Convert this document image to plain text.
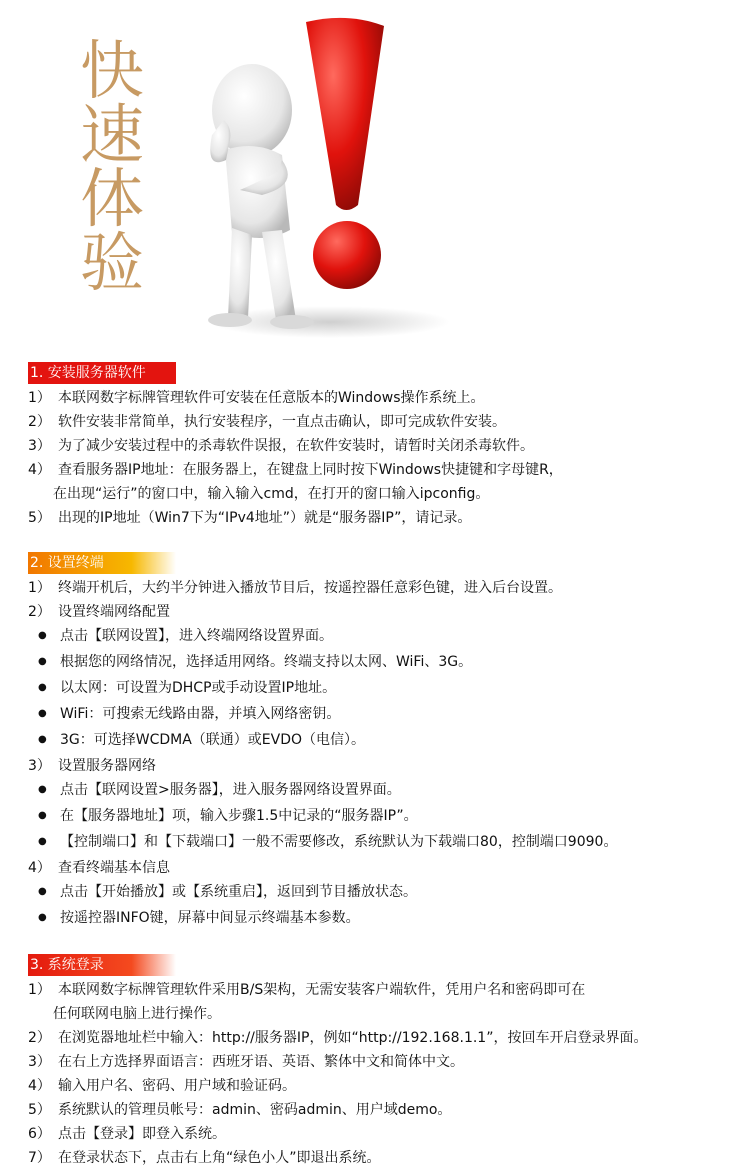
快
速
体
验
1. 安装服务器软件
1） 本联网数字标牌管理软件可安装在任意版本的Windows操作系统上。
2） 软件安装非常简单，执行安装程序，一直点击确认，即可完成软件安装。
3） 为了减少安装过程中的杀毒软件误报，在软件安装时，请暂时关闭杀毒软件。
4） 查看服务器IP地址：在服务器上，在键盘上同时按下Windows快捷键和字母键R，
在出现“运行”的窗口中，输入输入cmd，在打开的窗口输入ipconfig。
5） 出现的IP地址（Win7下为“IPv4地址”）就是“服务器IP”，请记录。
2. 设置终端
1） 终端开机后，大约半分钟进入播放节目后，按遥控器任意彩色键，进入后台设置。
2） 设置终端网络配置
● 点击【联网设置】，进入终端网络设置界面。
● 根据您的网络情况，选择适用网络。终端支持以太网、WiFi、3G。
● 以太网：可设置为DHCP或手动设置IP地址。
● WiFi：可搜索无线路由器，并填入网络密钥。
● 3G：可选择WCDMA（联通）或EVDO（电信）。
3） 设置服务器网络
● 点击【联网设置>服务器】，进入服务器网络设置界面。
● 在【服务器地址】项，输入步骤1.5中记录的“服务器IP”。
● 【控制端口】和【下载端口】一般不需要修改，系统默认为下载端口80，控制端口9090。
4） 查看终端基本信息
● 点击【开始播放】或【系统重启】，返回到节目播放状态。
● 按遥控器INFO键，屏幕中间显示终端基本参数。
3. 系统登录
1） 本联网数字标牌管理软件采用B/S架构，无需安装客户端软件，凭用户名和密码即可在
任何联网电脑上进行操作。
2） 在浏览器地址栏中输入：http://服务器IP，例如“http://192.168.1.1”，按回车开启登录界面。
3） 在右上方选择界面语言：西班牙语、英语、繁体中文和简体中文。
4） 输入用户名、密码、用户域和验证码。
5） 系统默认的管理员帐号：admin、密码admin、用户域demo。
6） 点击【登录】即登入系统。
7） 在登录状态下，点击右上角“绿色小人”即退出系统。
